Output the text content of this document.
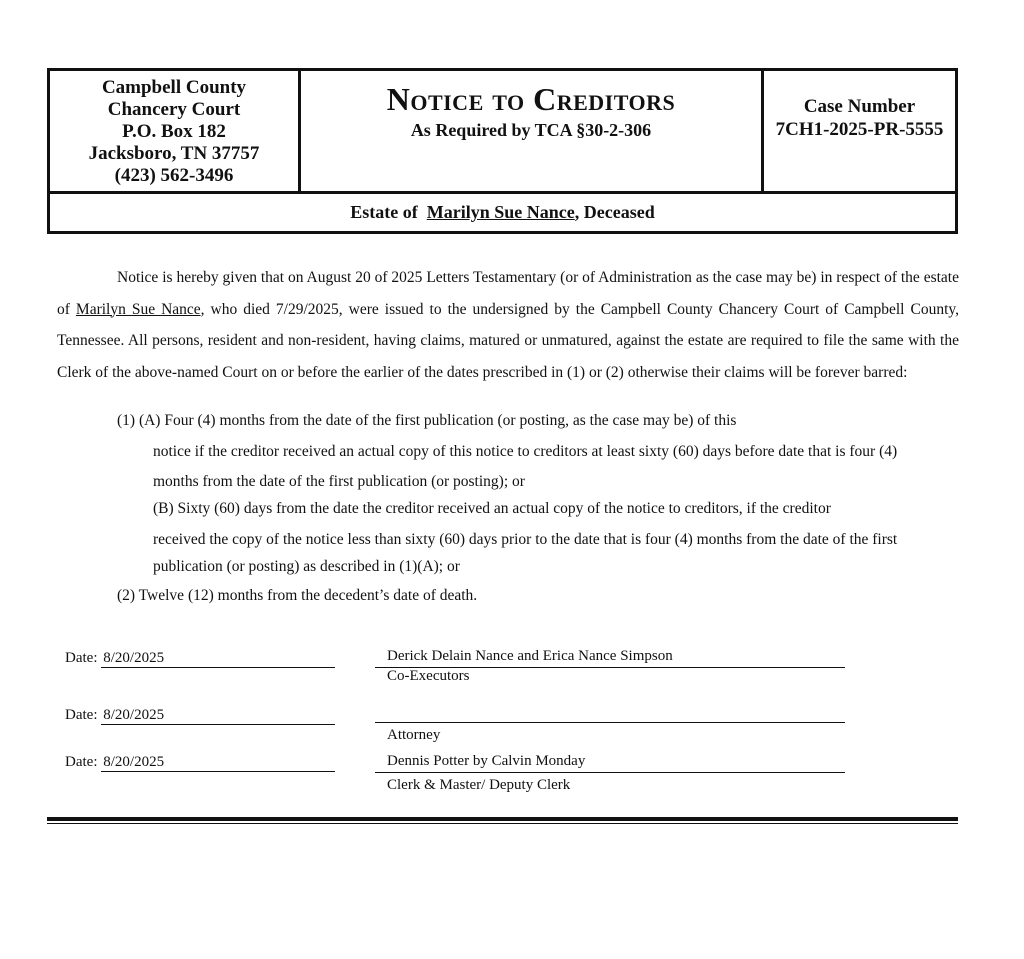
Campbell County
Chancery Court
P.O. Box 182
Jacksboro, TN 37757
(423) 562-3496
Notice to Creditors
As Required by TCA §30-2-306
Case Number
7CH1-2025-PR-5555
Estate of Marilyn Sue Nance, Deceased

Notice is hereby given that on August 20 of 2025 Letters Testamentary (or of Administration as the case may be) in respect of the estate of Marilyn Sue Nance, who died 7/29/2025, were issued to the undersigned by the Campbell County Chancery Court of Campbell County, Tennessee. All persons, resident and non-resident, having claims, matured or unmatured, against the estate are required to file the same with the Clerk of the above-named Court on or before the earlier of the dates prescribed in (1) or (2) otherwise their claims will be forever barred:

(1) (A) Four (4) months from the date of the first publication (or posting, as the case may be) of this
notice if the creditor received an actual copy of this notice to creditors at least sixty (60) days before date that is four (4)
months from the date of the first publication (or posting); or
(B) Sixty (60) days from the date the creditor received an actual copy of the notice to creditors, if the creditor
received the copy of the notice less than sixty (60) days prior to the date that is four (4) months from the date of the first
publication (or posting) as described in (1)(A); or
(2) Twelve (12) months from the decedent’s date of death.
Date: 8/20/2025	Derick Delain Nance and Erica Nance Simpson
Co-Executors
Date: 8/20/2025
Attorney
Date: 8/20/2025	Dennis Potter by Calvin Monday
Clerk & Master/ Deputy Clerk
